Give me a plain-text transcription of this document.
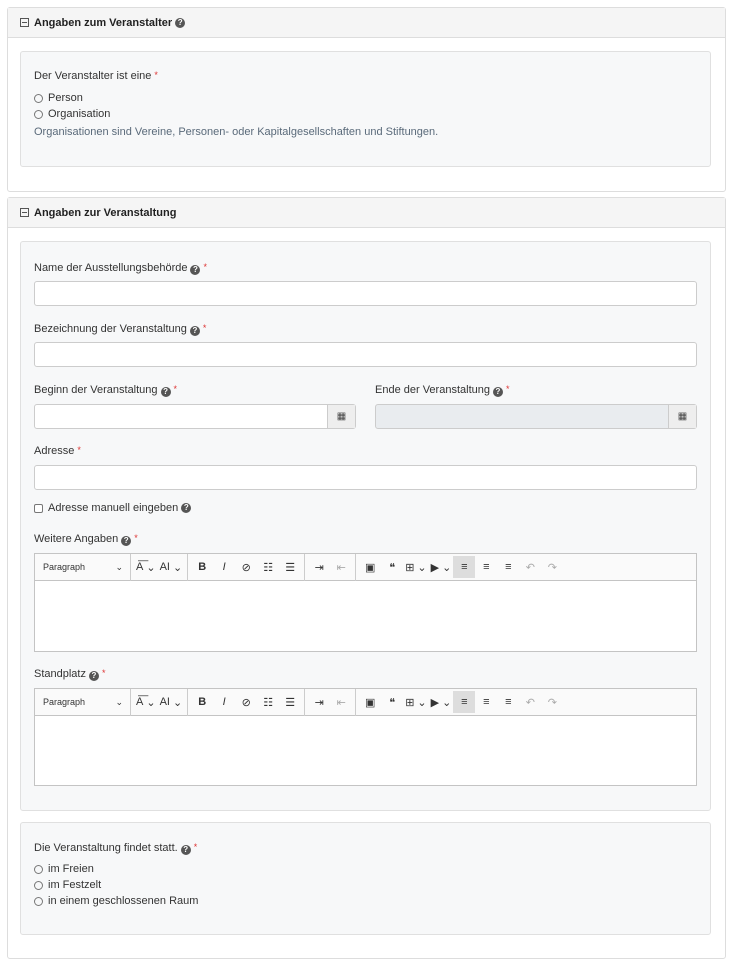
Angaben zum Veranstalter ?
Der Veranstalter ist eine *
Person
Organisation
Organisationen sind Vereine, Personen- oder Kapitalgesellschaften und Stiftungen.
Angaben zur Veranstaltung
Name der Ausstellungsbehörde ? *
Bezeichnung der Veranstaltung ? *
Beginn der Veranstaltung ? *
▦
Ende der Veranstaltung ? *
▦
Adresse *
Adresse manuell eingeben ?
Weitere Angaben ? *
Paragraph	⌄ A͞ ⌄ AI ⌄ B I ⊘ ☷ ☰ ⇥ ⇤ ▣ ❝ ⊞ ⌄ ▶ ⌄ ≡ ≡ ≡ ↶ ↷
Standplatz ? *
Paragraph	⌄ A͞ ⌄ AI ⌄ B I ⊘ ☷ ☰ ⇥ ⇤ ▣ ❝ ⊞ ⌄ ▶ ⌄ ≡ ≡ ≡ ↶ ↷
Die Veranstaltung findet statt. ? *
im Freien
im Festzelt
in einem geschlossenen Raum
